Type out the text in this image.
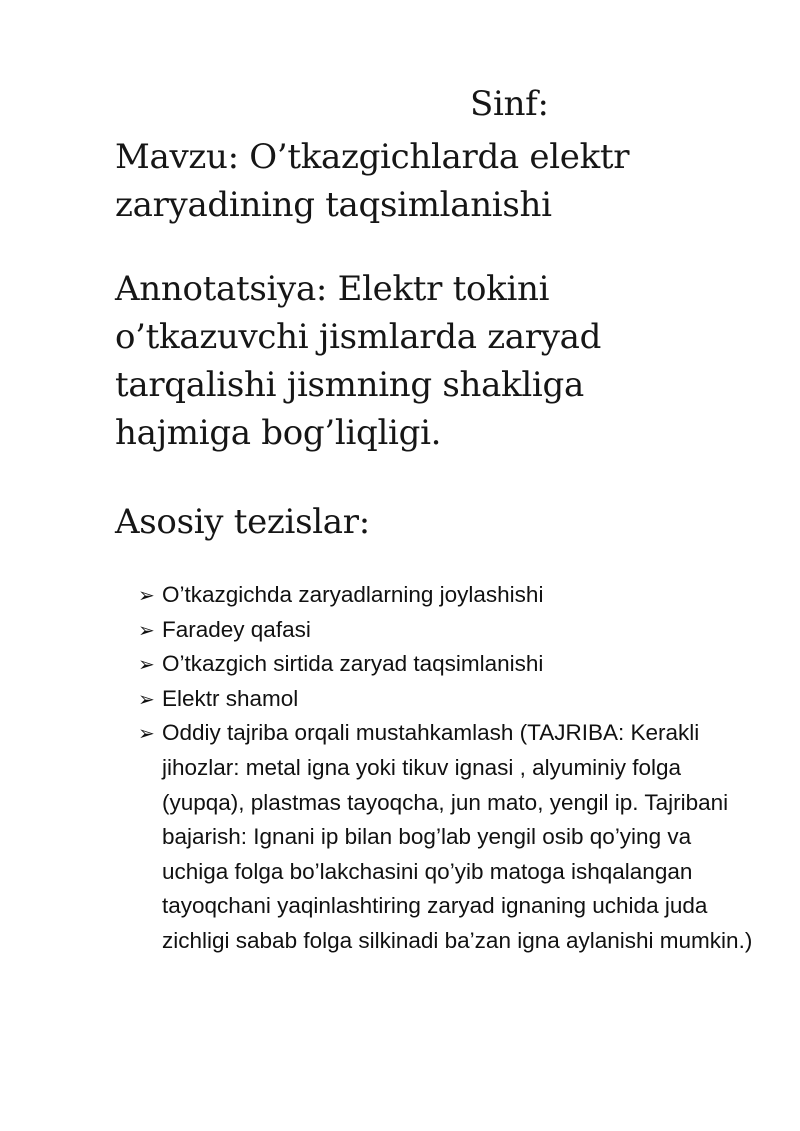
Sinf:
Mavzu: O’tkazgichlarda elektr zaryadining taqsimlanishi
Annotatsiya: Elektr tokini o’tkazuvchi jismlarda zaryad tarqalishi jismning shakliga hajmiga bog’liqligi.
Asosiy tezislar:
➢ O’tkazgichda zaryadlarning joylashishi
➢ Faradey qafasi
➢ O’tkazgich sirtida zaryad taqsimlanishi
➢ Elektr shamol
➢ Oddiy tajriba orqali mustahkamlash (TAJRIBA: Kerakli jihozlar: metal igna yoki tikuv ignasi , alyuminiy folga (yupqa), plastmas tayoqcha, jun mato, yengil ip. Tajribani bajarish: Ignani ip bilan bog’lab yengil osib qo’ying va uchiga folga bo’lakchasini qo’yib matoga ishqalangan tayoqchani yaqinlashtiring zaryad ignaning uchida juda zichligi sabab folga silkinadi ba’zan igna aylanishi mumkin.)
